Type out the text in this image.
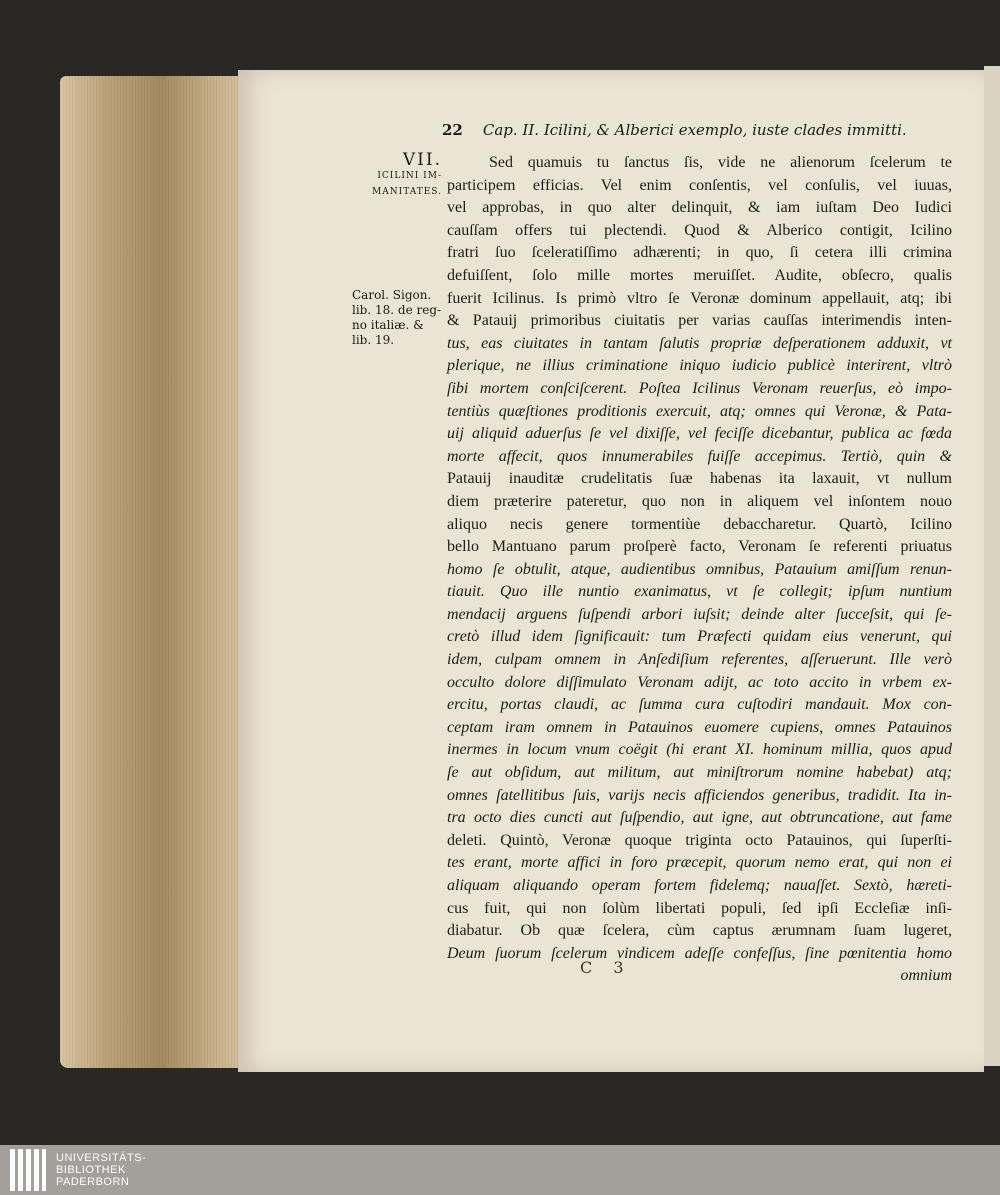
22 Cap. II. Icilini, & Alberici exemplo, iuste clades immitti.
VII.
ICILINI IM-
MANITATES.
Carol. Sigon.
lib. 18. de reg-
no italiæ. &
lib. 19.
Sed quamuis tu ſanctus ſis, vide ne alienorum ſcelerum te
participem efficias. Vel enim conſentis, vel conſulis, vel iuuas,
vel approbas, in quo alter delinquit, & iam iuſtam Deo Iudici
cauſſam offers tui plectendi. Quod & Alberico contigit, Icilino
fratri ſuo ſceleratiſſimo adhærenti; in quo, ſi cetera illi crimina
defuiſſent, ſolo mille mortes meruiſſet. Audite, obſecro, qualis
fuerit Icilinus. Is primò vltro ſe Veronæ dominum appellauit, atq; ibi
& Patauij primoribus ciuitatis per varias cauſſas interimendis inten-
tus, eas ciuitates in tantam ſalutis propriæ deſperationem adduxit, vt
plerique, ne illius criminatione iniquo iudicio publicè interirent, vltrò
ſibi mortem conſciſcerent. Poſtea Icilinus Veronam reuerſus, eò impo-
tentiùs quæſtiones proditionis exercuit, atq; omnes qui Veronæ, & Pata-
uij aliquid aduerſus ſe vel dixiſſe, vel feciſſe dicebantur, publica ac fœda
morte affecit, quos innumerabiles fuiſſe accepimus. Tertiò, quin &
Patauij inauditæ crudelitatis ſuæ habenas ita laxauit, vt nullum
diem præterire pateretur, quo non in aliquem vel inſontem nouo
aliquo necis genere tormentiùe debaccharetur. Quartò, Icilino
bello Mantuano parum proſperè facto, Veronam ſe referenti priuatus
homo ſe obtulit, atque, audientibus omnibus, Patauium amiſſum renun-
tiauit. Quo ille nuntio exanimatus, vt ſe collegit; ipſum nuntium
mendacij arguens ſuſpendi arbori iuſsit; deinde alter ſucceſsit, qui ſe-
cretò illud idem ſignificauit: tum Præfecti quidam eius venerunt, qui
idem, culpam omnem in Anſediſium referentes, aſſeruerunt. Ille verò
occulto dolore diſſimulato Veronam adijt, ac toto accito in vrbem ex-
ercitu, portas claudi, ac ſumma cura cuſtodiri mandauit. Mox con-
ceptam iram omnem in Patauinos euomere cupiens, omnes Patauinos
inermes in locum vnum coëgit (hi erant XI. hominum millia, quos apud
ſe aut obſidum, aut militum, aut miniſtrorum nomine habebat) atq;
omnes ſatellitibus ſuis, varijs necis afficiendos generibus, tradidit. Ita in-
tra octo dies cuncti aut ſuſpendio, aut igne, aut obtruncatione, aut fame
deleti. Quintò, Veronæ quoque triginta octo Patauinos, qui ſuperſti-
tes erant, morte affici in foro præcepit, quorum nemo erat, qui non ei
aliquam aliquando operam fortem fidelemq; nauaſſet. Sextò, hæreti-
cus fuit, qui non ſolùm libertati populi, ſed ipſi Eccleſiæ inſi-
diabatur. Ob quæ ſcelera, cùm captus ærumnam ſuam lugeret,
Deum ſuorum ſcelerum vindicem adeſſe confeſſus, ſine pœnitentia homo
omnium
C 3
UNIVERSITÄTS-
BIBLIOTHEK
PADERBORN
